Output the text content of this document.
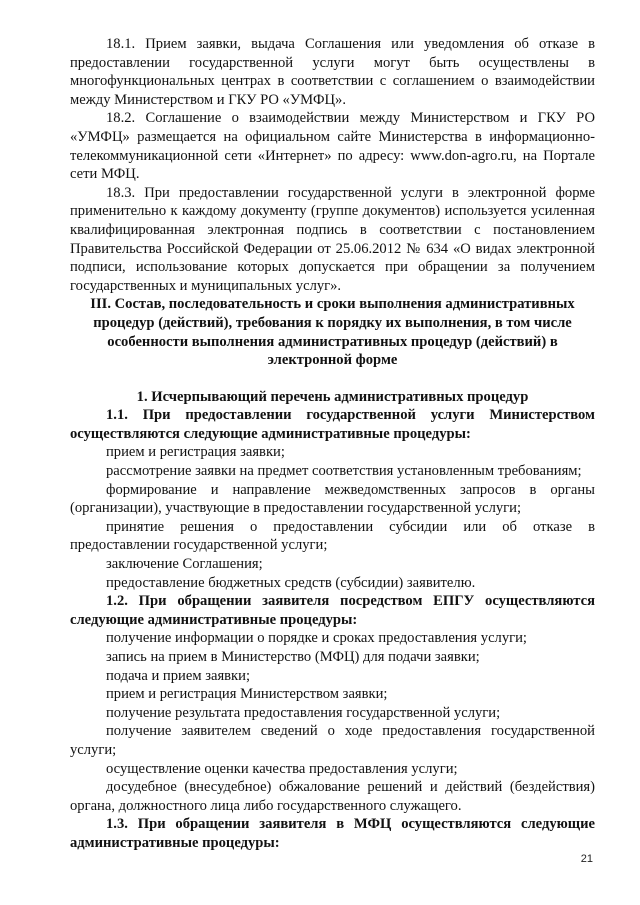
18.1. Прием заявки, выдача Соглашения или уведомления об отказе в предоставлении государственной услуги могут быть осуществлены в многофункциональных центрах в соответствии с соглашением о взаимодействии между Министерством и ГКУ РО «УМФЦ».

18.2. Соглашение о взаимодействии между Министерством и ГКУ РО «УМФЦ» размещается на официальном сайте Министерства в информационно-телекоммуникационной сети «Интернет» по адресу: www.don-agro.ru, на Портале сети МФЦ.

18.3. При предоставлении государственной услуги в электронной форме применительно к каждому документу (группе документов) используется усиленная квалифицированная электронная подпись в соответствии с постановлением Правительства Российской Федерации от 25.06.2012 № 634 «О видах электронной подписи, использование которых допускается при обращении за получением государственных и муниципальных услуг».

III. Состав, последовательность и сроки выполнения административных процедур (действий), требования к порядку их выполнения, в том числе особенности выполнения административных процедур (действий) в электронной форме

1. Исчерпывающий перечень административных процедур

1.1. При предоставлении государственной услуги Министерством осуществляются следующие административные процедуры:

прием и регистрация заявки;

рассмотрение заявки на предмет соответствия установленным требованиям;

формирование и направление межведомственных запросов в органы (организации), участвующие в предоставлении государственной услуги;

принятие решения о предоставлении субсидии или об отказе в предоставлении государственной услуги;

заключение Соглашения;

предоставление бюджетных средств (субсидии) заявителю.

1.2. При обращении заявителя посредством ЕПГУ осуществляются следующие административные процедуры:

получение информации о порядке и сроках предоставления услуги;

запись на прием в Министерство (МФЦ) для подачи заявки;

подача и прием заявки;

прием и регистрация Министерством заявки;

получение результата предоставления государственной услуги;

получение заявителем сведений о ходе предоставления государственной услуги;

осуществление оценки качества предоставления услуги;

досудебное (внесудебное) обжалование решений и действий (бездействия) органа, должностного лица либо государственного служащего.

1.3. При обращении заявителя в МФЦ осуществляются следующие административные процедуры:

21
